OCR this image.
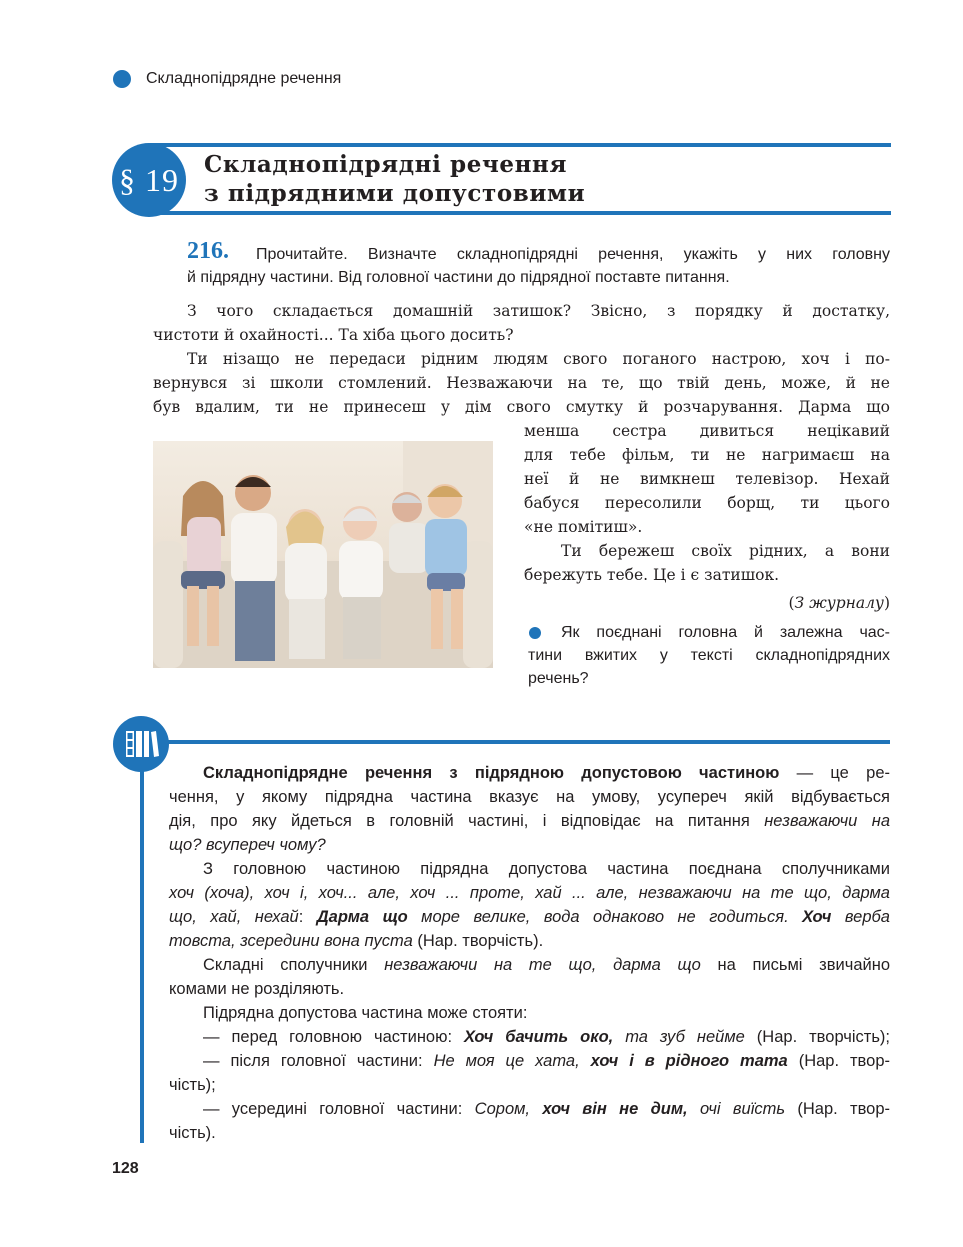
Складнопідрядне речення
§ 19	Складнопідрядні речення
з підрядними допустовими
216. Прочитайте. Визначте складнопідрядні речення, укажіть у них головну
й підрядну частини. Від головної частини до підрядної поставте питання.
З чого складається домашній затишок? Звісно, з порядку й достатку,
чистоти й охайності... Та хіба цього досить?
Ти нізащо не передаси рідним людям свого поганого настрою, хоч і по-
вернувся зі школи стомлений. Незважаючи на те, що твій день, може, й не
був вдалим, ти не принесеш у дім свого смутку й розчарування. Дарма що
менша сестра дивиться нецікавий
для тебе фільм, ти не нагримаєш на
неї й не вимкнеш телевізор. Нехай
бабуся пересолили борщ, ти цього
«не помітиш».
Ти бережеш своїх рідних, а вони
бережуть тебе. Це і є затишок.
(З журналу)
Як поєднані головна й залежна час-
тини вжитих у тексті складнопідрядних
речень?
Складнопідрядне речення з підрядною допустовою частиною — це ре-
чення, у якому підрядна частина вказує на умову, усупереч якій відбувається
дія, про яку йдеться в головній частині, і відповідає на питання незважаючи на
що? всупереч чому?
З головною частиною підрядна допустова частина поєднана сполучниками
хоч (хоча), хоч і, хоч... але, хоч ... проте, хай ... але, незважаючи на те що, дарма
що, хай, нехай: Дарма що море велике, вода однаково не годиться. Хоч верба
товста, зсередини вона пуста (Нар. творчість).
Складні сполучники незважаючи на те що, дарма що на письмі звичайно
комами не розділяють.
Підрядна допустова частина може стояти:
— перед головною частиною: Хоч бачить око, та зуб неймe (Нар. творчість);
— після головної частини: Не моя це хата, хоч і в рідного тата (Нар. твор-
чість);
— усередині головної частини: Сором, хоч він не дим, очі виїсть (Нар. твор-
чість).
128
